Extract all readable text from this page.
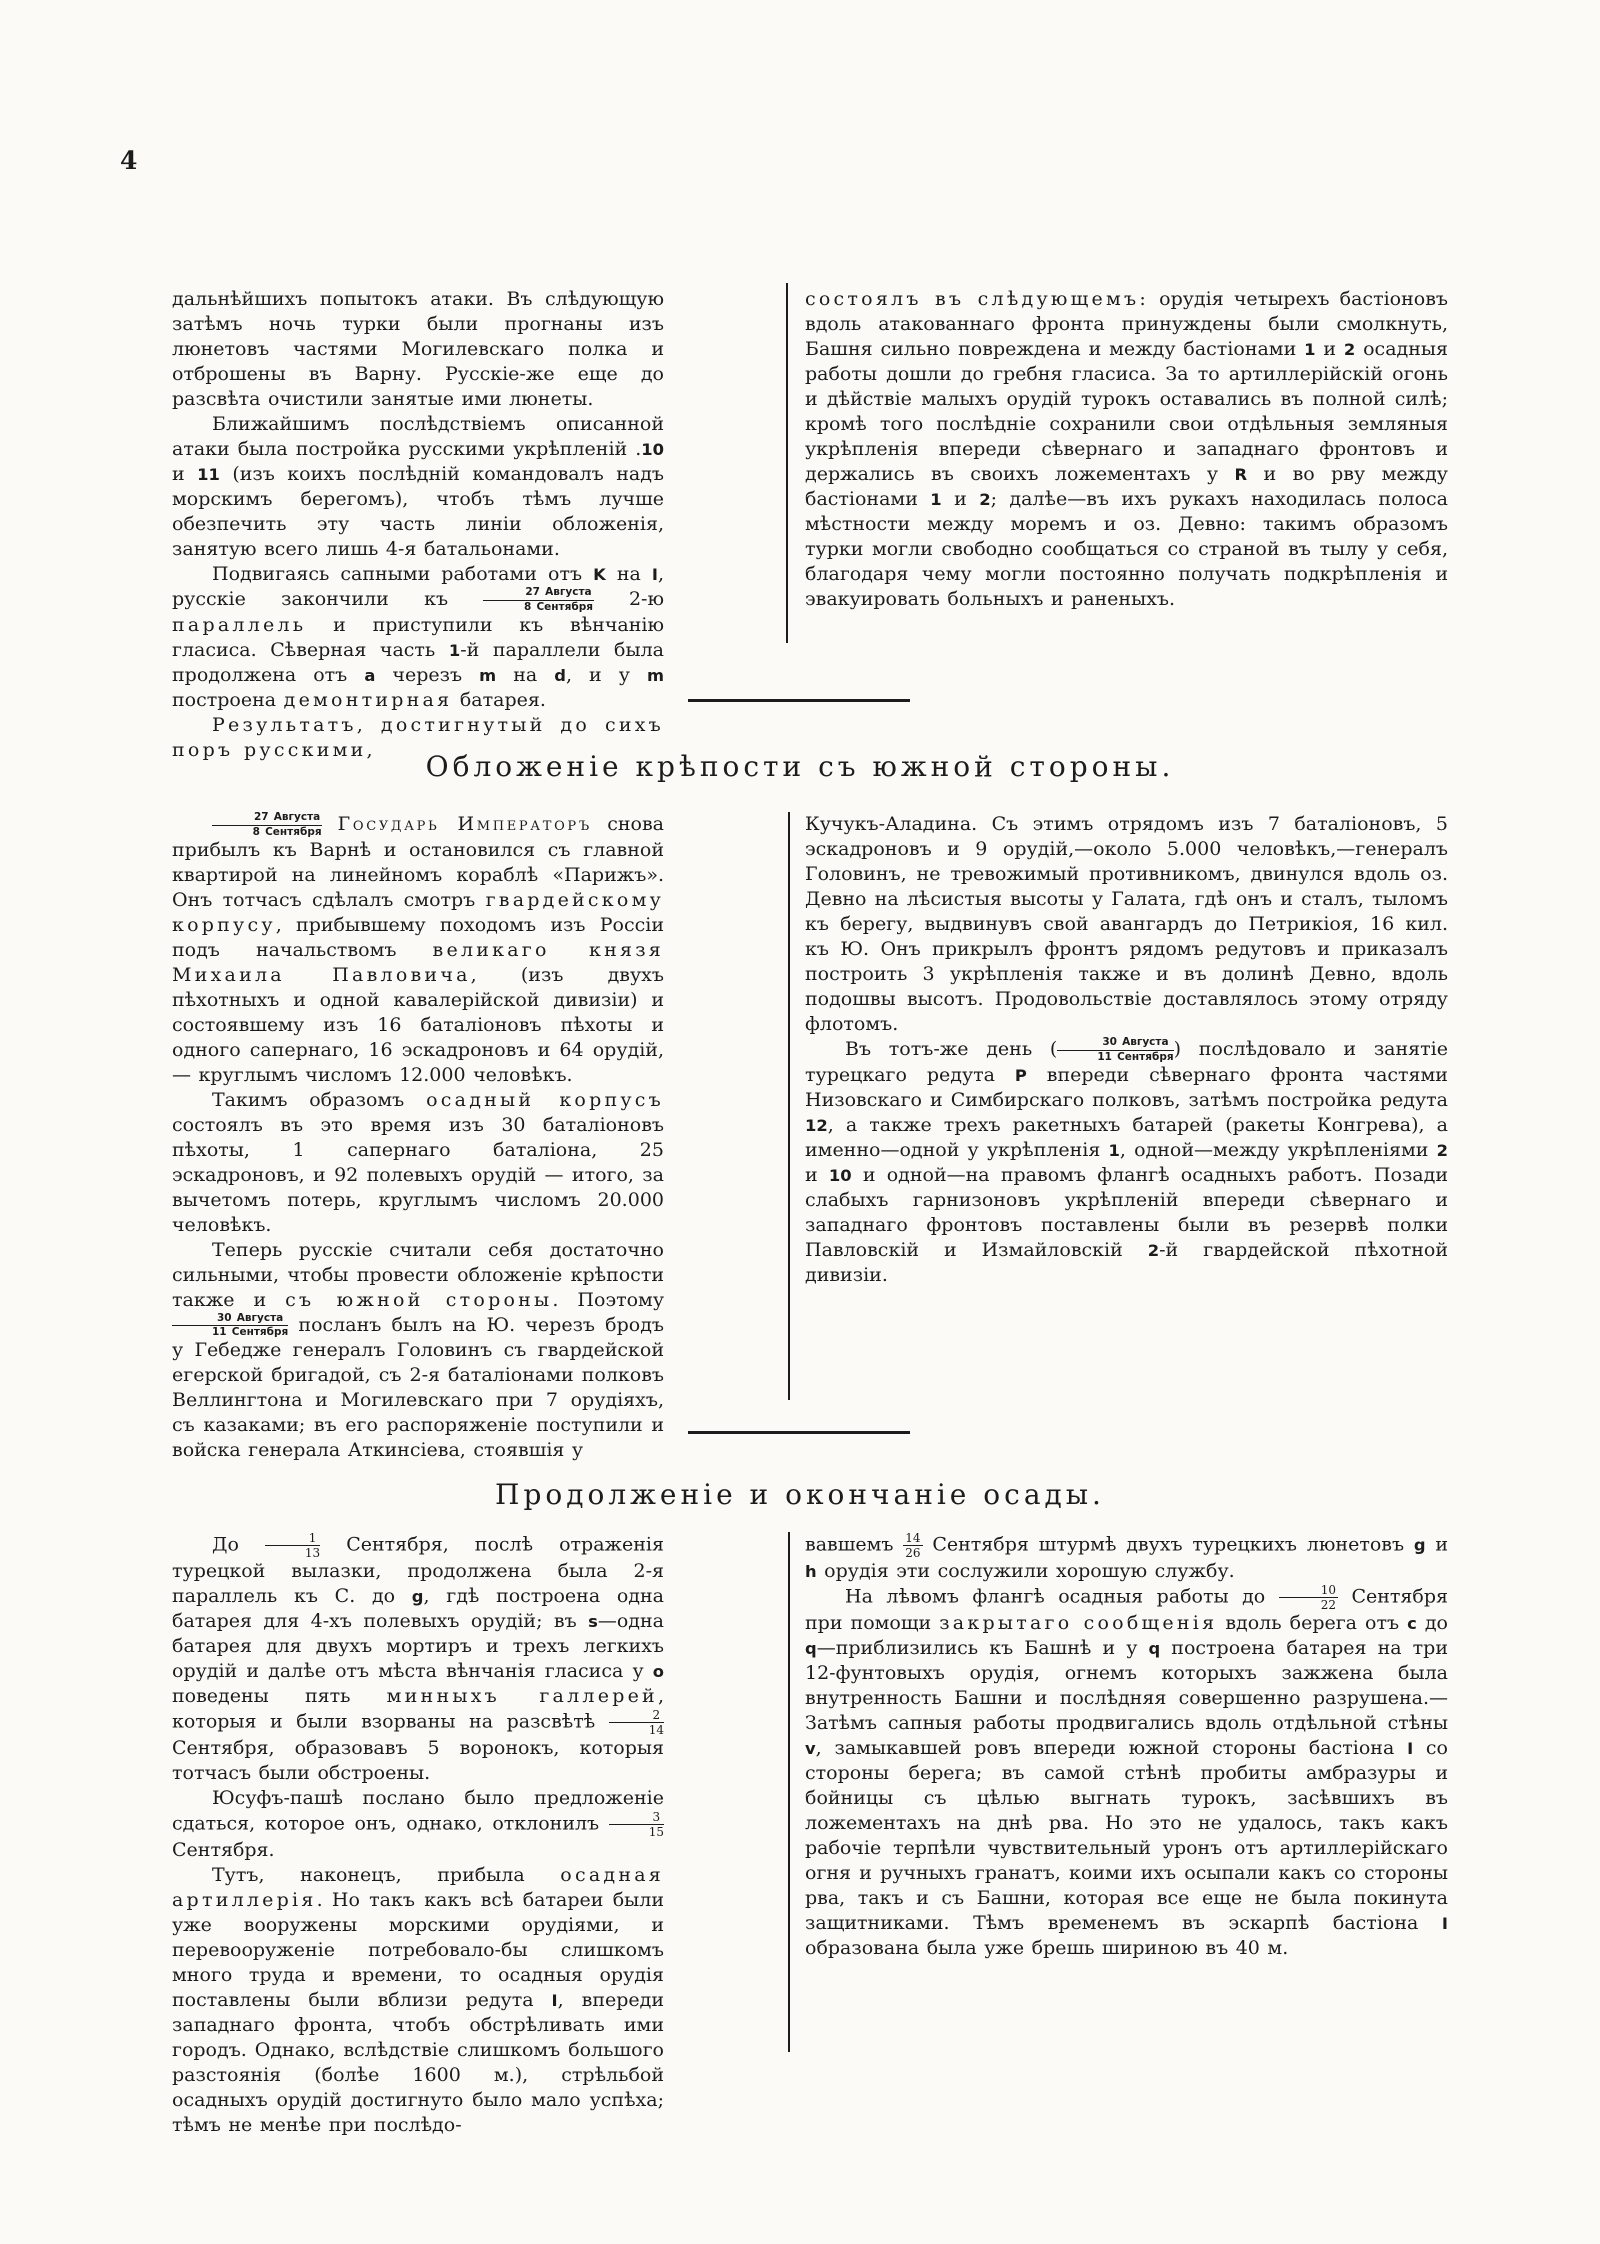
4

дальнѣйшихъ попытокъ атаки. Въ слѣдующую затѣмъ ночь турки были прогнаны изъ люнетовъ частями Могилевскаго полка и отброшены въ Варну. Русскіе-же еще до разсвѣта очистили занятые ими люнеты.

Ближайшимъ послѣдствіемъ описанной атаки была постройка русскими укрѣпленій .10 и 11 (изъ коихъ послѣдній командовалъ надъ морскимъ берегомъ), чтобъ тѣмъ лучше обезпечить эту часть линіи обложенія, занятую всего лишь 4-я батальонами.

Подвигаясь сапными работами отъ K на I, русскіе закончили къ $\frac{\text{27 Августа}}{\text{8 Сентября}} 2-ю$ параллель и приступили къ вѣнчанію гласиса. Сѣверная часть 1-й параллели была продолжена отъ a черезъ m на d, и у m построена демонтирная батарея.

Результатъ, достигнутый до сихъ поръ русскими,

состоялъ въ слѣдующемъ: орудія четырехъ бастіоновъ вдоль атакованнаго фронта принуждены были смолкнуть, Башня сильно повреждена и между бастіонами 1 и 2 осадныя работы дошли до гребня гласиса. За то артиллерійскій огонь и дѣйствіе малыхъ орудій турокъ оставались въ полной силѣ; кромѣ того послѣдніе сохранили свои отдѣльныя земляныя укрѣпленія впереди сѣвернаго и западнаго фронтовъ и держались въ своихъ ложементахъ у R и во рву между бастіонами 1 и 2; далѣе—въ ихъ рукахъ находилась полоса мѣстности между моремъ и оз. Девно: такимъ образомъ турки могли свободно сообщаться со страной въ тылу у себя, благодаря чему могли постоянно получать подкрѣпленія и эвакуировать больныхъ и раненыхъ.

Обложеніе крѣпости съ южной стороны.

$\frac{\text{27 Августа}}{\text{8 Сентября}}$ Государь Императоръ снова прибылъ къ Варнѣ и остановился съ главной квартирой на линейномъ кораблѣ «Парижъ». Онъ тотчасъ сдѣлалъ смотръ гвардейскому корпусу, прибывшему походомъ изъ Россіи подъ начальствомъ великаго князя Михаила Павловича, (изъ двухъ пѣхотныхъ и одной кавалерійской дивизіи) и состоявшему изъ 16 баталіоновъ пѣхоты и одного сапернаго, 16 эскадроновъ и 64 орудій, — круглымъ числомъ 12.000 человѣкъ.

Такимъ образомъ осадный корпусъ состоялъ въ это время изъ 30 баталіоновъ пѣхоты, 1 сапернаго баталіона, 25 эскадроновъ, и 92 полевыхъ орудій — итого, за вычетомъ потерь, круглымъ числомъ 20.000 человѣкъ.

Теперь русскіе считали себя достаточно сильными, чтобы провести обложеніе крѣпости также и съ южной стороны. Поэтому
$\frac{\text{30 Августа}}{\text{11 Сентября}}$ посланъ былъ на Ю. черезъ бродъ у Гебедже генералъ Головинъ съ гвардейской егерской бригадой, съ 2-я баталіонами полковъ Веллингтона и Могилевскаго при 7 орудіяхъ, съ казаками; въ его распоряженіе поступили и войска генерала Аткинсіева, стоявшія у

Кучукъ-Аладина. Съ этимъ отрядомъ изъ 7 баталіоновъ, 5 эскадроновъ и 9 орудій,—около 5.000 человѣкъ,—генералъ Головинъ, не тревожимый противникомъ, двинулся вдоль оз. Девно на лѣсистыя высоты у Галата, гдѣ онъ и сталъ, тыломъ къ берегу, выдвинувъ свой авангардъ до Петрикіоя, 16 кил. къ Ю. Онъ прикрылъ фронтъ рядомъ редутовъ и приказалъ построить 3 укрѣпленія также и въ долинѣ Девно, вдоль подошвы высотъ. Продовольствіе доставлялось этому отряду флотомъ.

Въ тотъ-же день ( $\frac{\text{30 Августа}}{\text{11 Сентября}}$ ) послѣдовало и занятіе турецкаго редута P впереди сѣвернаго фронта частями Низовскаго и Симбирскаго полковъ, затѣмъ постройка редута 12, а также трехъ ракетныхъ батарей (ракеты Конгрева), а именно—одной у укрѣпленія 1, одной—между укрѣпленіями 2 и 10 и одной—на правомъ флангѣ осадныхъ работъ. Позади слабыхъ гарнизоновъ укрѣпленій впереди сѣвернаго и западнаго фронтовъ поставлены были въ резервѣ полки Павловскій и Измайловскій 2-й гвардейской пѣхотной дивизіи.

Продолженіе и окончаніе осады.

До $\frac{1}{13}$ Сентября, послѣ отраженія турецкой вылазки, продолжена была 2-я параллель къ С. до g, гдѣ построена одна батарея для 4-хъ полевыхъ орудій; въ s—одна батарея для двухъ мортиръ и трехъ легкихъ орудій и далѣе отъ мѣста вѣнчанія гласиса у o поведены пять минныхъ галлерей, которыя и были взорваны на разсвѣтѣ $\frac{2}{14}$
Сентября, образовавъ 5 воронокъ, которыя тотчасъ были обстроены.

Юсуфъ-пашѣ послано было предложеніе сдаться, которое онъ, однако, отклонилъ $\frac{3}{15}$
Сентября.

Тутъ, наконецъ, прибыла осадная артиллерія. Но такъ какъ всѣ батареи были уже вооружены морскими орудіями, и перевооруженіе потребовало-бы слишкомъ много труда и времени, то осадныя орудія поставлены были вблизи редута I, впереди западнаго фронта, чтобъ обстрѣливать ими городъ. Однако, вслѣдствіе слишкомъ большого разстоянія (болѣе 1600 м.), стрѣльбой осадныхъ орудій достигнуто было мало успѣха; тѣмъ не менѣе при послѣдо-

вавшемъ $\frac{14}{26}$ Сентября штурмѣ двухъ турецкихъ люнетовъ g и h орудія эти сослужили хорошую службу.

На лѣвомъ флангѣ осадныя работы до $\frac{10}{22}$ Сентября при помощи закрытаго сообщенія вдоль берега отъ c до q—приблизились къ Башнѣ и у q построена батарея на три 12-фунтовыхъ орудія, огнемъ которыхъ зажжена была внутренность Башни и послѣдняя совершенно разрушена.— Затѣмъ сапныя работы продвигались вдоль отдѣльной стѣны v, замыкавшей ровъ впереди южной стороны бастіона I со стороны берега; въ самой стѣнѣ пробиты амбразуры и бойницы съ цѣлью выгнать турокъ, засѣвшихъ въ ложементахъ на днѣ рва. Но это не удалось, такъ какъ рабочіе терпѣли чувствительный уронъ отъ артиллерійскаго огня и ручныхъ гранатъ, коими ихъ осыпали какъ со стороны рва, такъ и съ Башни, которая все еще не была покинута защитниками. Тѣмъ временемъ въ эскарпѣ бастіона I образована была уже брешь шириною въ 40 м.
